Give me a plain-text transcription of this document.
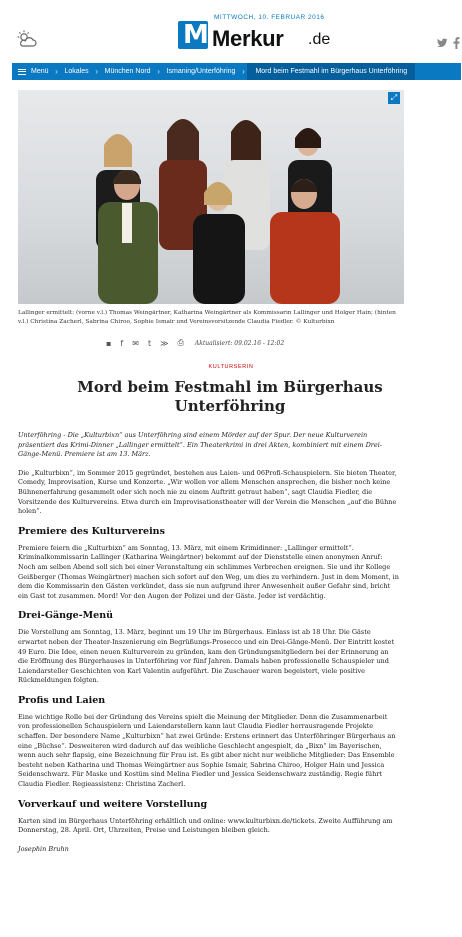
MITTWOCH, 10. FEBRUAR 2016
M Merkur .de
Menü › Lokales › München Nord › Ismaning/Unterföhring ›	Mord beim Festmahl im Bürgerhaus Unterföhring
⤢
Lallinger ermittelt: (vorne v.l.) Thomas Weingärtner, Katharina Weingärtner als Kommissarin Lallinger und Holger Hain; (hinten v.l.) Christina Zacherl, Sabrina Chiroo, Sophie Ismair und Vereinsvorsitzende Claudia Fiedler. © Kulturbixn
▪ f ✉ t ≫ ⎙ Aktualisiert: 09.02.16 - 12:02
KULTURSERIN
Mord beim Festmahl im Bürgerhaus Unterföhring

Unterföhring - Die „Kulturbixn“ aus Unterföhring sind einem Mörder auf der Spur. Der neue Kulturverein präsentiert das Krimi-Dinner „Lallinger ermittelt“. Ein Theaterkrimi in drei Akten, kombiniert mit einem Drei-Gänge-Menü. Premiere ist am 13. März.

Die „Kulturbixn“, im Sommer 2015 gegründet, bestehen aus Laien- und 06Profi-Schauspielern. Sie bieten Theater, Comedy, Improvisation, Kurse und Konzerte. „Wir wollen vor allem Menschen ansprechen, die bisher noch keine Bühnenerfahrung gesammelt oder sich noch nie zu einem Auftritt getraut haben“, sagt Claudia Fiedler, die Vorsitzende des Kulturvereins. Etwa durch ein Improvisationstheater will der Verein die Menschen „auf die Bühne holen“.

Premiere des Kulturvereins

Premiere feiern die „Kulturbixn“ am Sonntag, 13. März, mit einem Krimidinner: „Lallinger ermittelt“. Kriminalkommissarin Lallinger (Katharina Weingärtner) bekommt auf der Dienststelle einen anonymen Anruf: Noch am selben Abend soll sich bei einer Veranstaltung ein schlimmes Verbrechen ereignen. Sie und ihr Kollege Geißberger (Thomas Weingärtner) machen sich sofort auf den Weg, um dies zu verhindern. Just in dem Moment, in dem die Kommissarin den Gästen verkündet, dass sie nun aufgrund ihrer Anwesenheit außer Gefahr sind, bricht ein Gast tot zusammen. Mord! Vor den Augen der Polizei und der Gäste. Jeder ist verdächtig.

Drei-Gänge-Menü

Die Vorstellung am Sonntag, 13. März, beginnt um 19 Uhr im Bürgerhaus. Einlass ist ab 18 Uhr. Die Gäste erwartet neben der Theater-Inszenierung ein Begrüßungs-Prosecco und ein Drei-Gänge-Menü. Der Eintritt kostet 49 Euro. Die Idee, einen neuen Kulturverein zu gründen, kam den Gründungsmitgliedern bei der Erinnerung an die Eröffnung des Bürgerhauses in Unterföhring vor fünf Jahren. Damals haben professionelle Schauspieler und Laiendarsteller Geschichten von Karl Valentin aufgeführt. Die Zuschauer waren begeistert, viele positive Rückmeldungen folgten.

Profis und Laien

Eine wichtige Rolle bei der Gründung des Vereins spielt die Meinung der Mitglieder. Denn die Zusammenarbeit von professionellen Schauspielern und Laiendarstellern kann laut Claudia Fiedler herrausragende Projekte schaffen. Der besondere Name „Kulturbixn“ hat zwei Gründe: Erstens erinnert das Unterföhringer Bürgerhaus an eine „Büchse“. Desweiteren wird dadurch auf das weibliche Geschlecht angespielt, da „Bixn“ im Bayerischen, wenn auch sehr flapsig, eine Bezeichnung für Frau ist. Es gibt aber nicht nur weibliche Mitglieder: Das Ensemble besteht neben Katharina und Thomas Weingärtner aus Sophie Ismair, Sabrina Chiroo, Holger Hain und Jessica Seidenschwarz. Für Maske und Kostüm sind Melina Fiedler und Jessica Seidenschwarz zuständig. Regie führt Claudia Fiedler. Regieassistenz: Christina Zacherl.

Vorverkauf und weitere Vorstellung

Karten sind im Bürgerhaus Unterföhring erhältlich und online: www.kulturbixn.de/tickets. Zweite Aufführung am Donnerstag, 28. April. Ort, Uhrzeiten, Preise und Leistungen bleiben gleich.

Josephin Bruhn
